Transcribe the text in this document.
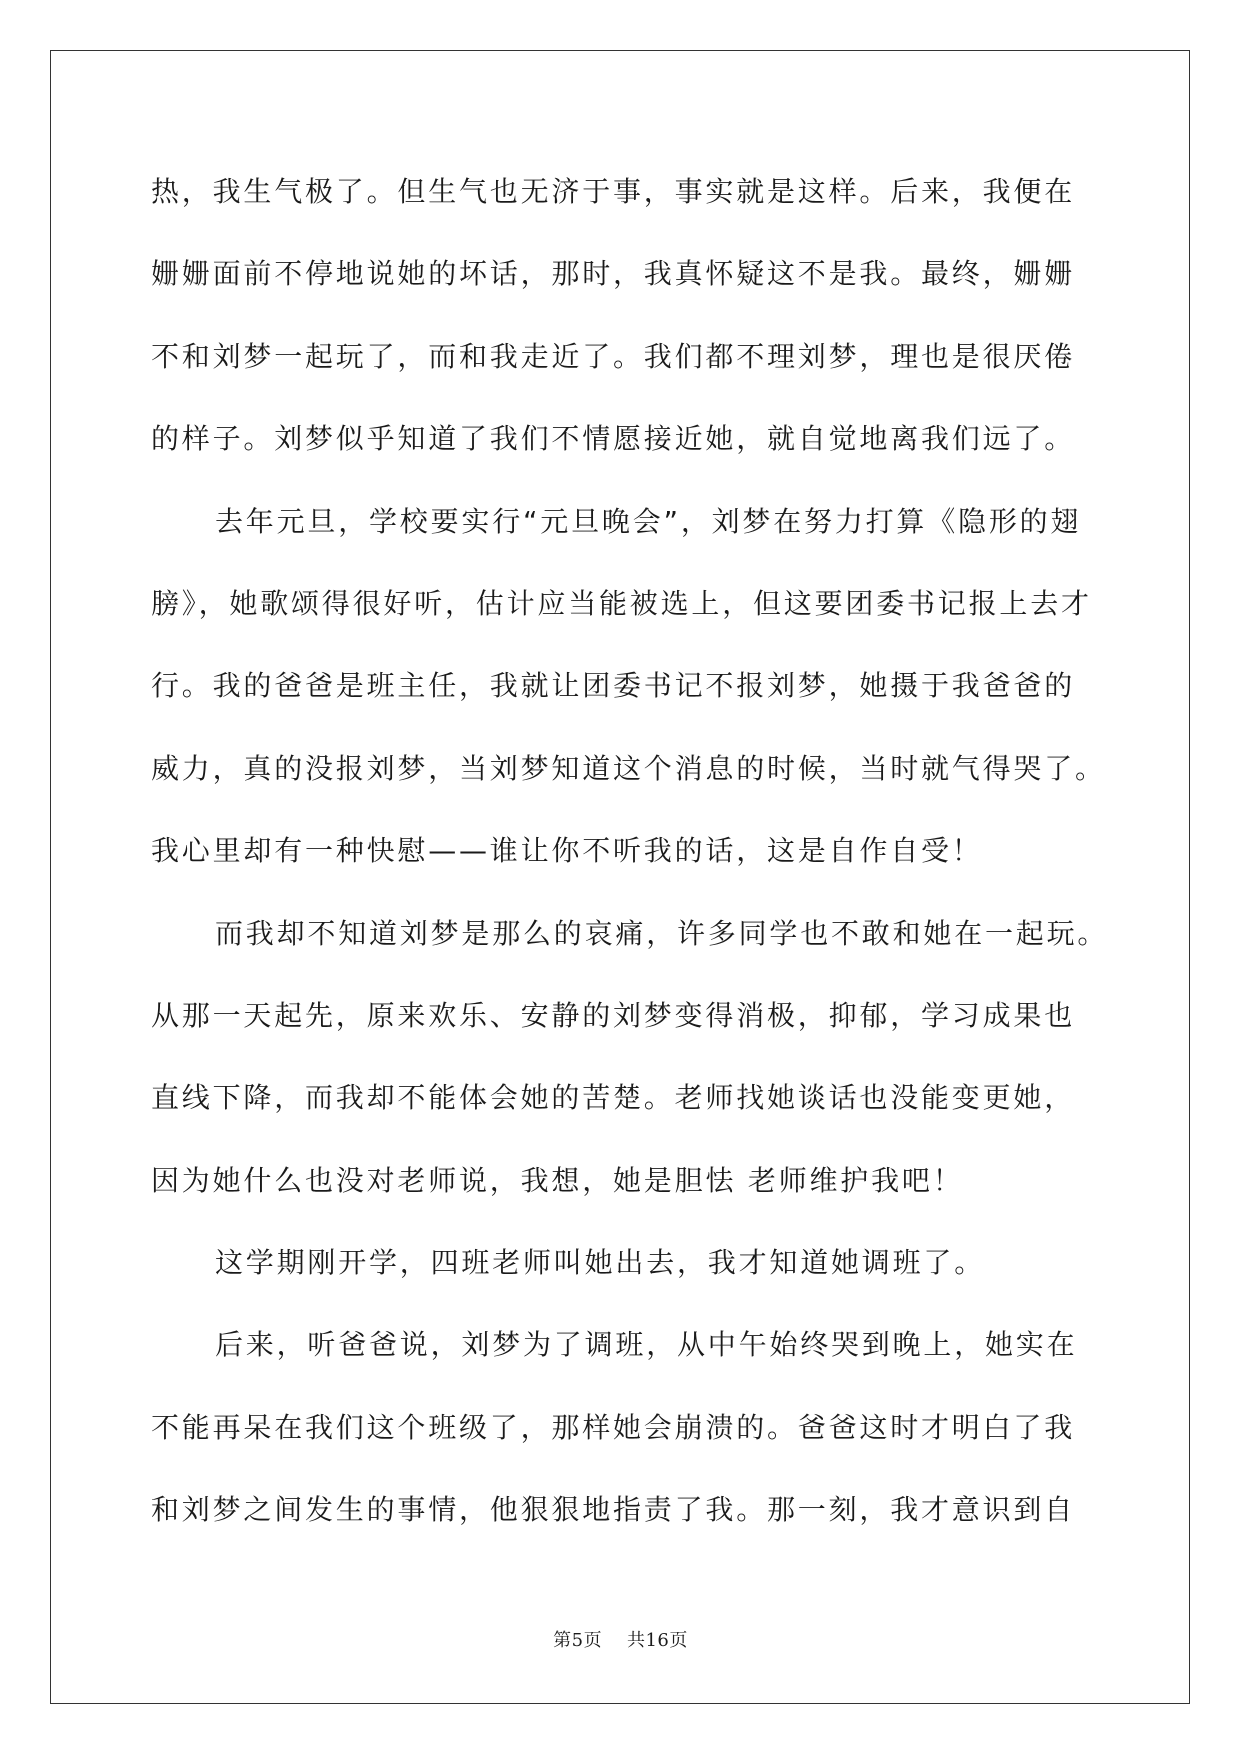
热，我生气极了。但生气也无济于事，事实就是这样。后来，我便在
姗姗面前不停地说她的坏话，那时，我真怀疑这不是我。最终，姗姗
不和刘梦一起玩了，而和我走近了。我们都不理刘梦，理也是很厌倦
的样子。刘梦似乎知道了我们不情愿接近她，就自觉地离我们远了。
去年元旦，学校要实行“元旦晚会”，刘梦在努力打算《隐形的翅
膀》，她歌颂得很好听，估计应当能被选上，但这要团委书记报上去才
行。我的爸爸是班主任，我就让团委书记不报刘梦，她摄于我爸爸的
威力，真的没报刘梦，当刘梦知道这个消息的时候，当时就气得哭了。
我心里却有一种快慰——谁让你不听我的话，这是自作自受！
而我却不知道刘梦是那么的哀痛，许多同学也不敢和她在一起玩。
从那一天起先，原来欢乐、安静的刘梦变得消极，抑郁，学习成果也
直线下降，而我却不能体会她的苦楚。老师找她谈话也没能变更她，
因为她什么也没对老师说，我想，她是胆怯 老师维护我吧！
这学期刚开学，四班老师叫她出去，我才知道她调班了。
后来，听爸爸说，刘梦为了调班，从中午始终哭到晚上，她实在
不能再呆在我们这个班级了，那样她会崩溃的。爸爸这时才明白了我
和刘梦之间发生的事情，他狠狠地指责了我。那一刻，我才意识到自
第5页 共16页
